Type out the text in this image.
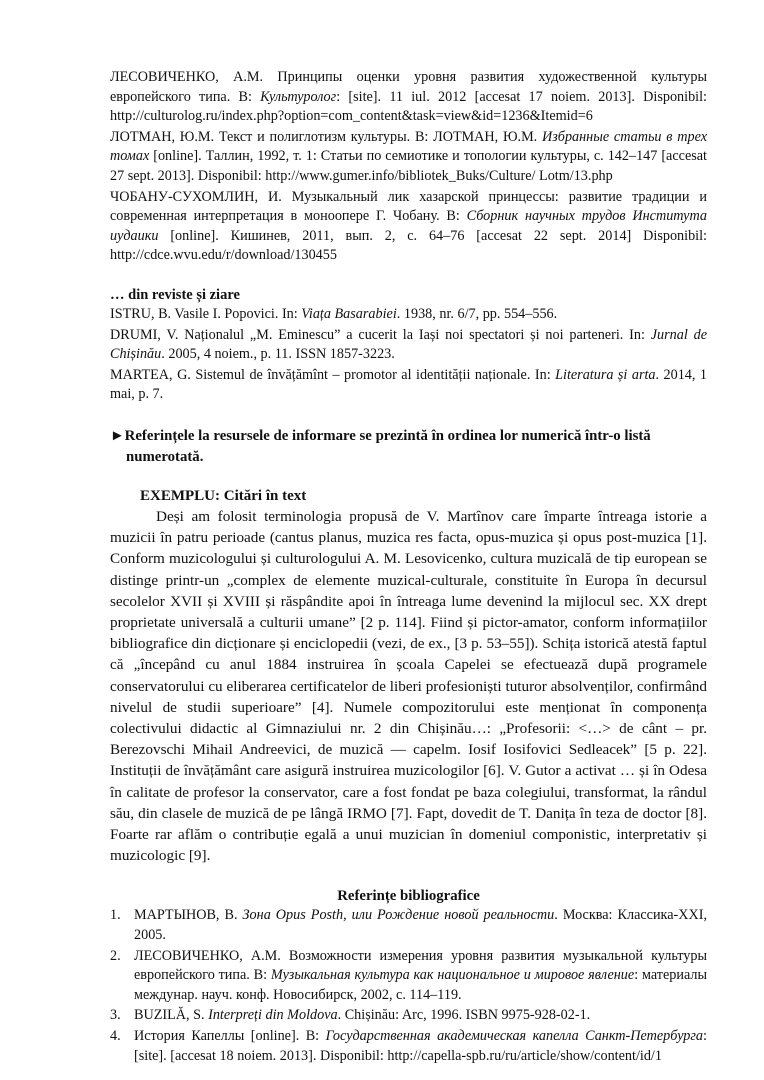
ЛЕСОВИЧЕНКО, А.М. Принципы оценки уровня развития художественной культуры европейского типа. В: Культуролог: [site]. 11 iul. 2012 [accesat 17 noiem. 2013]. Disponibil: http://culturolog.ru/index.php?option=com_content&task=view&id=1236&Itemid=6

ЛОТМАН, Ю.М. Текст и полиглотизм культуры. В: ЛОТМАН, Ю.М. Избранные статьи в трех томах [online]. Таллин, 1992, т. 1: Статьи по семиотике и топологии культуры, с. 142–147 [accesat 27 sept. 2013]. Disponibil: http://www.gumer.info/bibliotek_Buks/Culture/ Lotm/13.php

ЧОБАНУ-СУХОМЛИН, И. Музыкальный лик хазарской принцессы: развитие традиции и современная интерпретация в монoопере Г. Чобану. В: Сборник научных трудов Института иудаики [online]. Кишинев, 2011, вып. 2, с. 64–76 [accesat 22 sept. 2014] Disponibil: http://cdce.wvu.edu/r/download/130455

… din reviste și ziare

ISTRU, B. Vasile I. Popovici. In: Viața Basarabiei. 1938, nr. 6/7, pp. 554–556.

DRUMI, V. Naționalul „M. Eminescu” a cucerit la Iași noi spectatori și noi parteneri. In: Jurnal de Chișinău. 2005, 4 noiem., p. 11. ISSN 1857-3223.

MARTEA, G. Sistemul de învățămînt – promotor al identității naționale. In: Literatura și arta. 2014, 1 mai, p. 7.

►Referințele la resursele de informare se prezintă în ordinea lor numerică într-o listă numerotată.

EXEMPLU: Citări în text

Deși am folosit terminologia propusă de V. Martînov care împarte întreaga istorie a muzicii în patru perioade (cantus planus, muzica res facta, opus-muzica și opus post-muzica [1]. Conform muzicologului și culturologului A. M. Lesovicenko, cultura muzicală de tip european se distinge printr-un „complex de elemente muzical-culturale, constituite în Europa în decursul secolelor XVII și XVIII și răspândite apoi în întreaga lume devenind la mijlocul sec. XX drept proprietate universală a culturii umane” [2 p. 114]. Fiind și pictor-amator, conform informațiilor bibliografice din dicționare și enciclopedii (vezi, de ex., [3 p. 53–55]). Schița istorică atestă faptul că „începând cu anul 1884 instruirea în școala Capelei se efectuează după programele conservatorului cu eliberarea certificatelor de liberi profesioniști tuturor absolvenților, confirmând nivelul de studii superioare” [4]. Numele compozitorului este menționat în componența colectivului didactic al Gimnaziului nr. 2 din Chișinău…: „Profesorii: <…> de cânt – pr. Berezovschi Mihail Andreevici, de muzică — capelm. Iosif Iosifovici Sedleacek” [5 p. 22]. Instituții de învățământ care asigură instruirea muzicologilor [6]. V. Gutor a activat … și în Odesa în calitate de profesor la conservator, care a fost fondat pe baza colegiului, transformat, la rândul său, din clasele de muzică de pe lângă IRMO [7]. Fapt, dovedit de T. Danița în teza de doctor [8]. Foarte rar aflăm o contribuție egală a unui muzician în domeniul componistic, interpretativ și muzicologic [9].

Referințe bibliografice

1. МАРТЫНОВ, В. Зона Opus Posth, или Рождение новой реальности. Москва: Классика-XXI, 2005.
2. ЛЕСОВИЧЕНКО, А.М. Возможности измерения уровня развития музыкальной культуры европейского типа. В: Музыкальная культура как национальное и мировое явление: материалы междунар. науч. конф. Новосибирск, 2002, с. 114–119.
3. BUZILĂ, S. Interpreți din Moldova. Chișinău: Arc, 1996. ISBN 9975-928-02-1.
4. История Капеллы [online]. В: Государственная академическая капелла Санкт-Петербурга: [site]. [accesat 18 noiem. 2013]. Disponibil: http://capella-spb.ru/ru/article/show/content/id/1
